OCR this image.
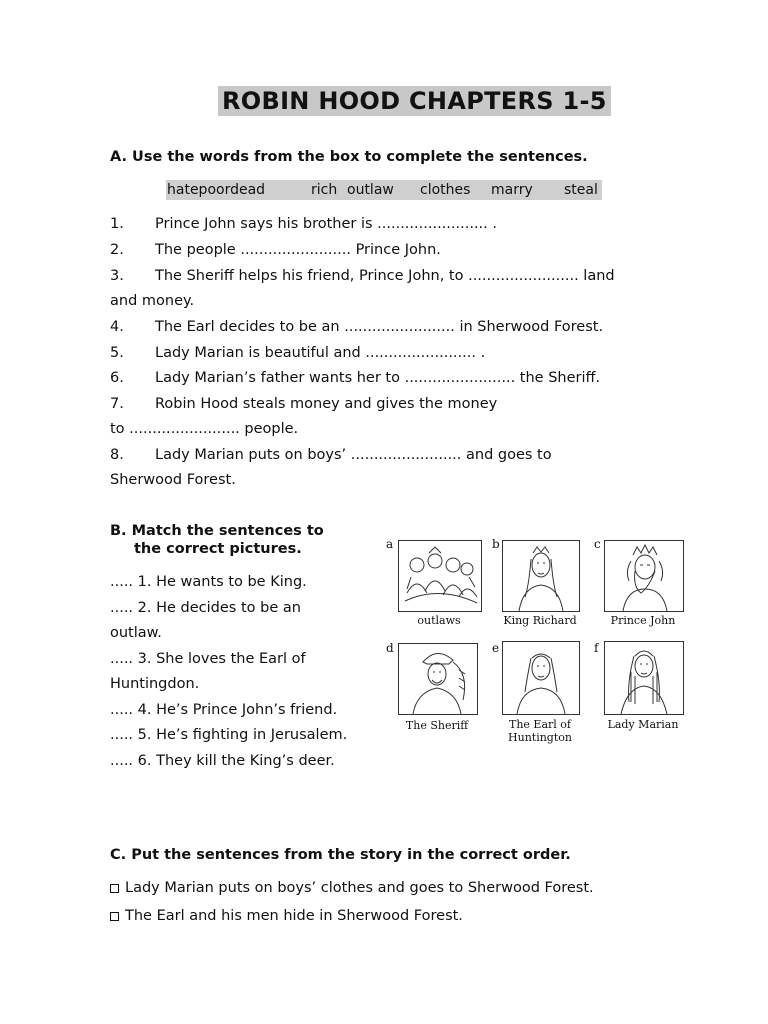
ROBIN HOOD CHAPTERS 1-5
A. Use the words from the box to complete the sentences.
hatepoordead	rich outlaw clothes marry steal
1. Prince John says his brother is ........................ .
2. The people ........................ Prince John.
3. The Sheriff helps his friend, Prince John, to ........................ land
and money.
4. The Earl decides to be an ........................ in Sherwood Forest.
5. Lady Marian is beautiful and ........................ .
6. Lady Marian’s father wants her to ........................ the Sheriff.
7. Robin Hood steals money and gives the money
to ........................ people.
8. Lady Marian puts on boys’ ........................ and goes to
Sherwood Forest.
B. Match the sentences to
the correct pictures.
..... 1. He wants to be King.
..... 2. He decides to be an
outlaw.
..... 3. She loves the Earl of
Huntingdon.
..... 4. He’s Prince John’s friend.
..... 5. He’s fighting in Jerusalem.
..... 6. They kill the King’s deer.
a
outlaws
b
King Richard
c
Prince John
d
The Sheriff
e
The Earl of
Huntington
f
Lady Marian
C. Put the sentences from the story in the correct order.
Lady Marian puts on boys’ clothes and goes to Sherwood Forest.
The Earl and his men hide in Sherwood Forest.
